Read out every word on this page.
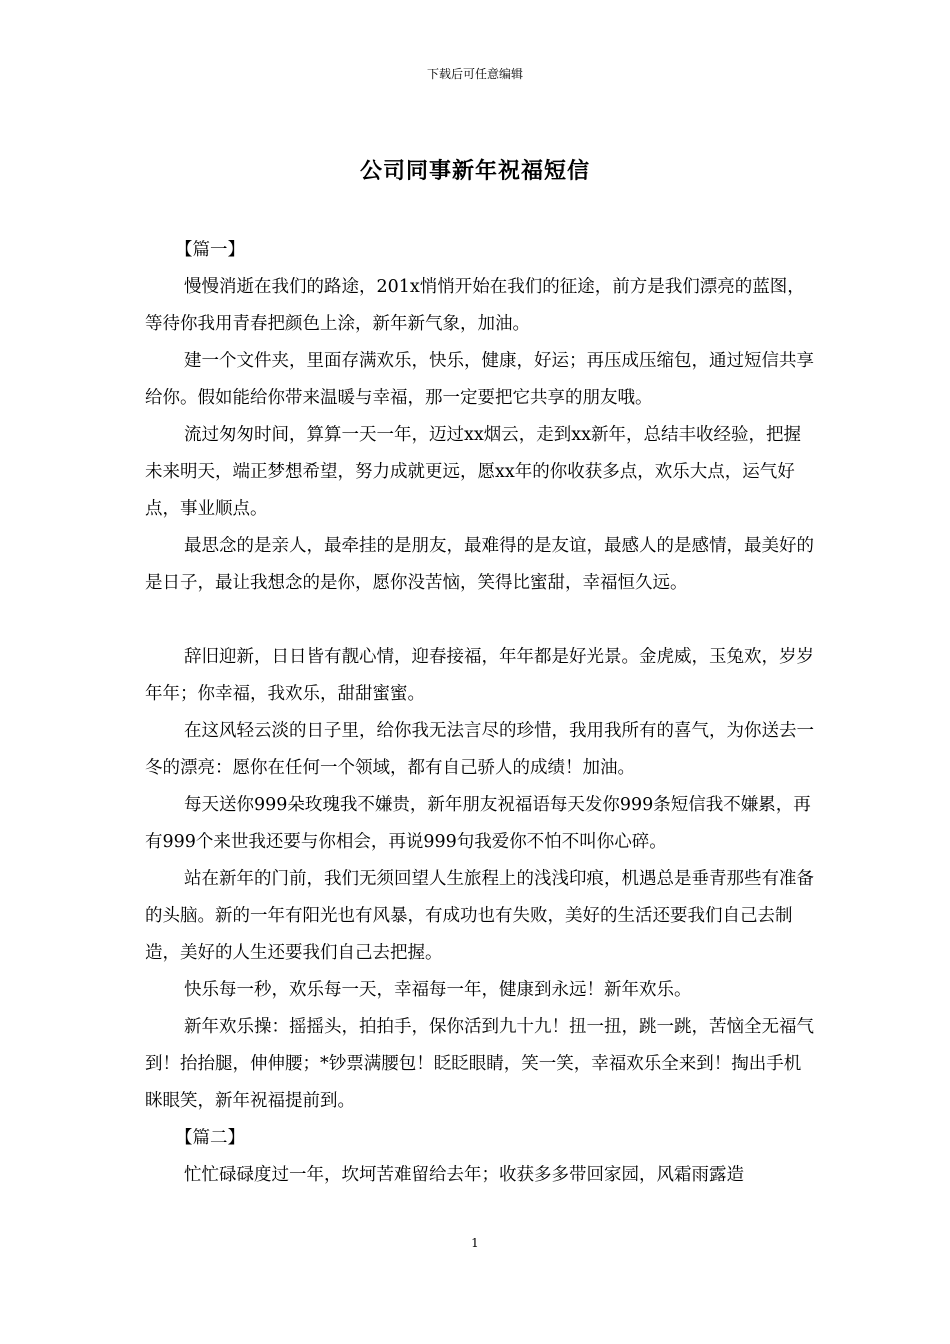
下载后可任意编辑
公司同事新年祝福短信
【篇一】

慢慢消逝在我们的路途，201x悄悄开始在我们的征途，前方是我们漂亮的蓝图，等待你我用青春把颜色上涂，新年新气象，加油。

建一个文件夹，里面存满欢乐，快乐，健康，好运；再压成压缩包，通过短信共享给你。假如能给你带来温暖与幸福，那一定要把它共享的朋友哦。

流过匆匆时间，算算一天一年，迈过xx烟云，走到xx新年，总结丰收经验，把握未来明天，端正梦想希望，努力成就更远，愿xx年的你收获多点，欢乐大点，运气好点，事业顺点。

最思念的是亲人，最牵挂的是朋友，最难得的是友谊，最感人的是感情，最美好的是日子，最让我想念的是你，愿你没苦恼，笑得比蜜甜，幸福恒久远。

辞旧迎新，日日皆有靓心情，迎春接福，年年都是好光景。金虎威，玉兔欢，岁岁年年；你幸福，我欢乐，甜甜蜜蜜。

在这风轻云淡的日子里，给你我无法言尽的珍惜，我用我所有的喜气，为你送去一冬的漂亮：愿你在任何一个领域，都有自己骄人的成绩！加油。

每天送你999朵玫瑰我不嫌贵，新年朋友祝福语每天发你999条短信我不嫌累，再有999个来世我还要与你相会，再说999句我爱你不怕不叫你心碎。

站在新年的门前，我们无须回望人生旅程上的浅浅印痕，机遇总是垂青那些有准备的头脑。新的一年有阳光也有风暴，有成功也有失败，美好的生活还要我们自己去制造，美好的人生还要我们自己去把握。

快乐每一秒，欢乐每一天，幸福每一年，健康到永远！新年欢乐。

新年欢乐操：摇摇头，拍拍手，保你活到九十九！扭一扭，跳一跳，苦恼全无福气到！抬抬腿，伸伸腰；*钞票满腰包！眨眨眼睛，笑一笑，幸福欢乐全来到！掏出手机眯眼笑，新年祝福提前到。

【篇二】

忙忙碌碌度过一年，坎坷苦难留给去年；收获多多带回家园，风霜雨露造

1
